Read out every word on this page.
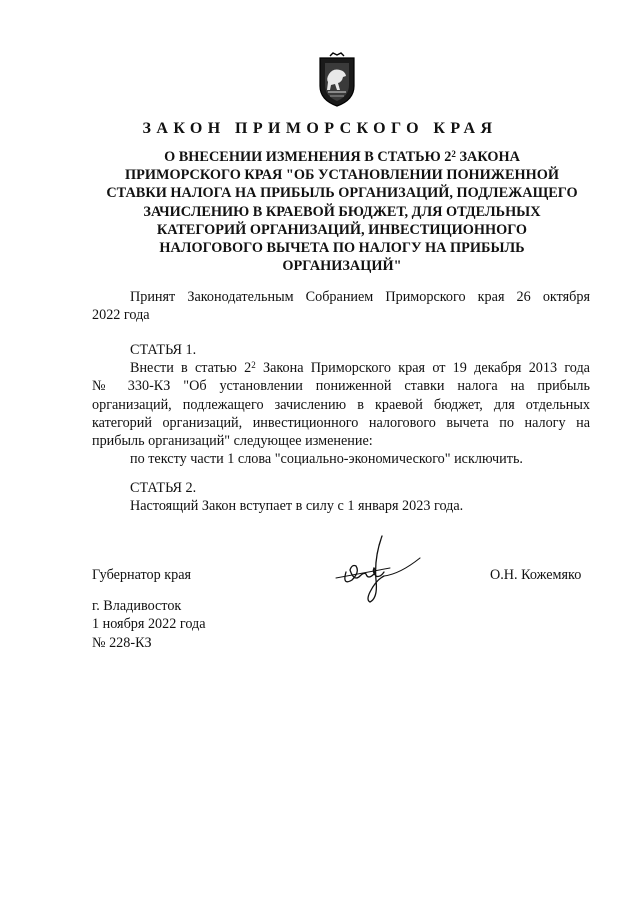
ЗАКОН ПРИМОРСКОГО КРАЯ
О ВНЕСЕНИИ ИЗМЕНЕНИЯ В СТАТЬЮ $2^2$ ЗАКОНА
ПРИМОРСКОГО КРАЯ "ОБ УСТАНОВЛЕНИИ ПОНИЖЕННОЙ
СТАВКИ НАЛОГА НА ПРИБЫЛЬ ОРГАНИЗАЦИЙ, ПОДЛЕЖАЩЕГО
ЗАЧИСЛЕНИЮ В КРАЕВОЙ БЮДЖЕТ, ДЛЯ ОТДЕЛЬНЫХ
КАТЕГОРИЙ ОРГАНИЗАЦИЙ, ИНВЕСТИЦИОННОГО
НАЛОГОВОГО ВЫЧЕТА ПО НАЛОГУ НА ПРИБЫЛЬ
ОРГАНИЗАЦИЙ"
Принят Законодательным Собранием Приморского края 26 октября
2022 года
СТАТЬЯ 1.
Внести в статью $2^2$ Закона Приморского края от 19 декабря 2013 года
№ 330-КЗ "Об установлении пониженной ставки налога на прибыль
организаций, подлежащего зачислению в краевой бюджет, для отдельных
категорий организаций, инвестиционного налогового вычета по налогу на
прибыль организаций" следующее изменение:
по тексту части 1 слова "социально-экономического" исключить.
СТАТЬЯ 2.
Настоящий Закон вступает в силу с 1 января 2023 года.
Губернатор края	О.Н. Кожемяко
г. Владивосток
1 ноября 2022 года
№ 228-КЗ
